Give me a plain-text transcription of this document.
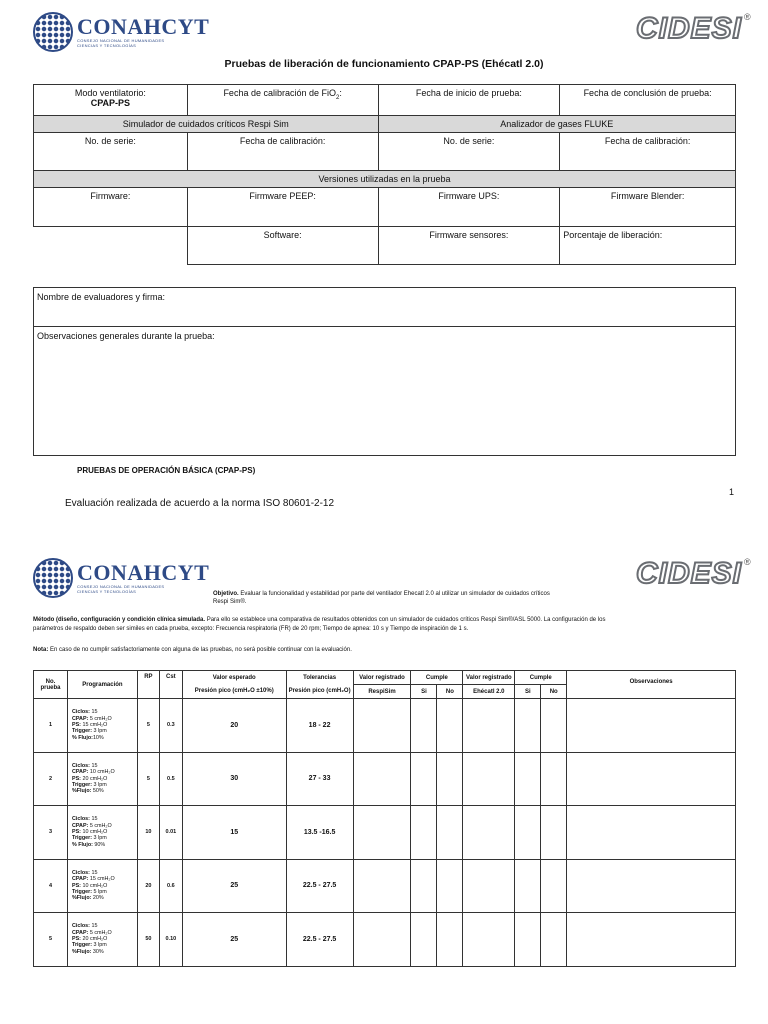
CONAHCYT
CONSEJO NACIONAL DE HUMANIDADES
CIENCIAS Y TECNOLOGÍAS
CIDESI ®
Pruebas de liberación de funcionamiento CPAP-PS (Ehécatl 2.0)
Modo ventilatorio:
CPAP-PS	Fecha de calibración de FiO$_2$:	Fecha de inicio de prueba:	Fecha de conclusión de prueba:
Simulador de cuidados críticos Respi Sim		Analizador de gases FLUKE	
No. de serie:	Fecha de calibración:	No. de serie:	Fecha de calibración:
Versiones utilizadas en la prueba			
Firmware:	Firmware PEEP:	Firmware UPS:	Firmware Blender:
	Software:	Firmware sensores:	Porcentaje de liberación:
Nombre de evaluadores y firma:
Observaciones generales durante la prueba:
PRUEBAS DE OPERACIÓN BÁSICA (CPAP-PS)
Evaluación realizada de acuerdo a la norma ISO 80601-2-12
1
CONAHCYT
CONSEJO NACIONAL DE HUMANIDADES
CIENCIAS Y TECNOLOGÍAS
CIDESI ®
Objetivo. Evaluar la funcionalidad y estabilidad por parte del ventilador Ehecatl 2.0 al utilizar un simulador de cuidados críticos
Respi Sim®.
Método (diseño, configuración y condición clínica simulada. Para ello se establece una comparativa de resultados obtenidos con un simulador de cuidados críticos Respi Sim®/ASL 5000. La configuración de los
parámetros de respaldo deben ser similes en cada prueba, excepto: Frecuencia respiratoria (FR) de 20 rpm; Tiempo de apnea: 10 s y Tiempo de inspiración de 1 s.
Nota: En caso de no cumplir satisfactoriamente con alguna de las pruebas, no será posible continuar con la evaluación.
No. prueba	Programación	RP	Cst	Valor esperado	Tolerancias	Valor registrado	Cumple		Valor registrado	Cumple		Observaciones
				Presión pico (cmH₂O ±10%)	Presión pico (cmH₂O)	RespiSim	Si	No	Ehécatl 2.0	Si	No	
1	Ciclos: 15
CPAP: 5 cmH₂O
PS: 15 cmH₂O
Trigger: 3 lpm
% Flujo:10%	5	0.3	20	18 - 22							
2	Ciclos: 15
CPAP: 10 cmH₂O
PS: 20 cmH₂O
Trigger: 3 lpm
%Flujo: 50%	5	0.5	30	27 - 33							
3	Ciclos: 15
CPAP: 5 cmH₂O
PS: 10 cmH₂O
Trigger: 3 lpm
% Flujo: 90%	10	0.01	15	13.5 -16.5							
4	Ciclos: 15
CPAP: 15 cmH₂O
PS: 10 cmH₂O
Trigger: 5 lpm
%Flujo: 20%	20	0.6	25	22.5 - 27.5							
5	Ciclos: 15
CPAP: 5 cmH₂O
PS: 20 cmH₂O
Trigger: 3 lpm
%Flujo: 30%	50	0.10	25	22.5 - 27.5							
